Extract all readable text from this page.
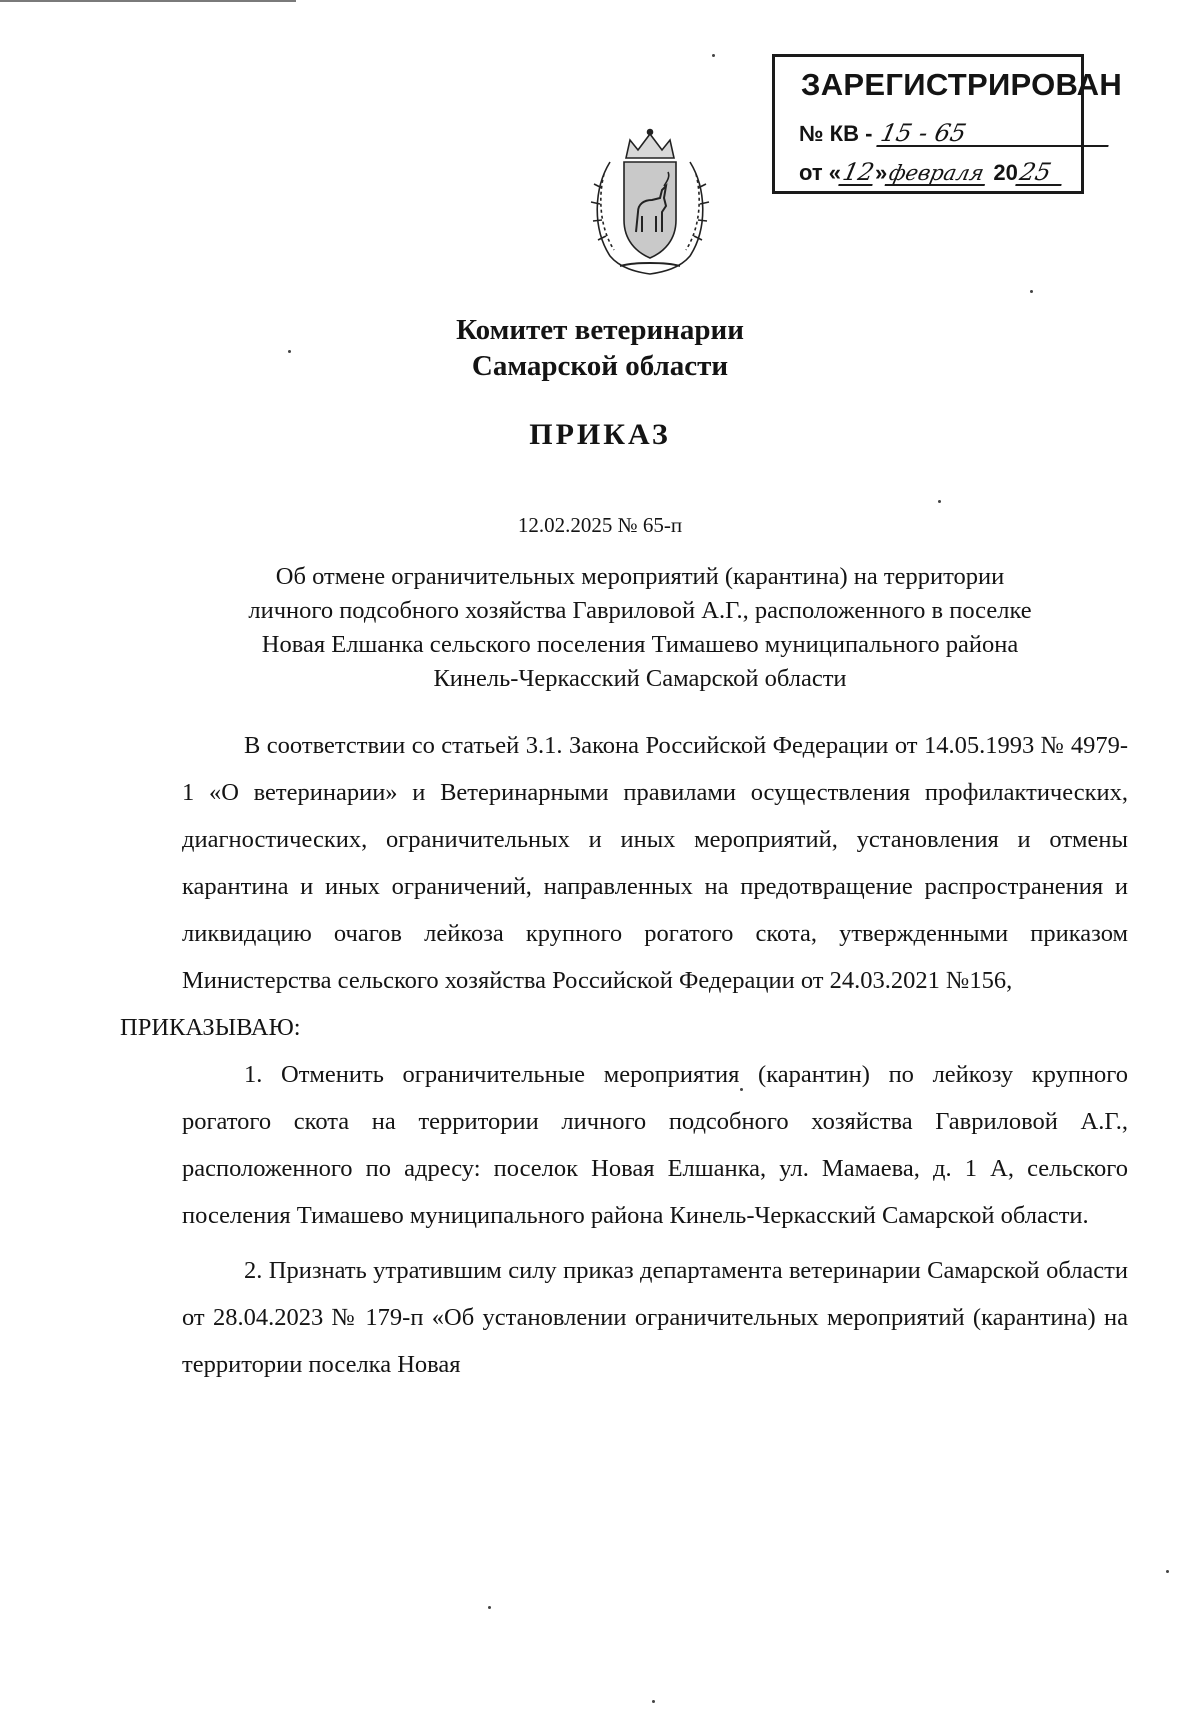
ЗАРЕГИСТРИРОВАН
№ КВ - 15 - 65
от «12»февраля 2025
Комитет ветеринарии
Самарской области
ПРИКАЗ
12.02.2025 № 65-п
Об отмене ограничительных мероприятий (карантина) на территории
личного подсобного хозяйства Гавриловой А.Г., расположенного в поселке
Новая Елшанка сельского поселения Тимашево муниципального района
Кинель-Черкасский Самарской области

В соответствии со статьей 3.1. Закона Российской Федерации от 14.05.1993 № 4979-1 «О ветеринарии» и Ветеринарными правилами осуществления профилактических, диагностических, ограничительных и иных мероприятий, установления и отмены карантина и иных ограничений, направленных на предотвращение распространения и ликвидацию очагов лейкоза крупного рогатого скота, утвержденными приказом Министерства сельского хозяйства Российской Федерации от 24.03.2021 №156,
ПРИКАЗЫВАЮ:

1. Отменить ограничительные мероприятия (карантин) по лейкозу крупного рогатого скота на территории личного подсобного хозяйства Гавриловой А.Г., расположенного по адресу: поселок Новая Елшанка, ул. Мамаева, д. 1 А, сельского поселения Тимашево муниципального района Кинель-Черкасский Самарской области.

2. Признать утратившим силу приказ департамента ветеринарии Самарской области от 28.04.2023 № 179-п «Об установлении ограничительных мероприятий (карантина) на территории поселка Новая
